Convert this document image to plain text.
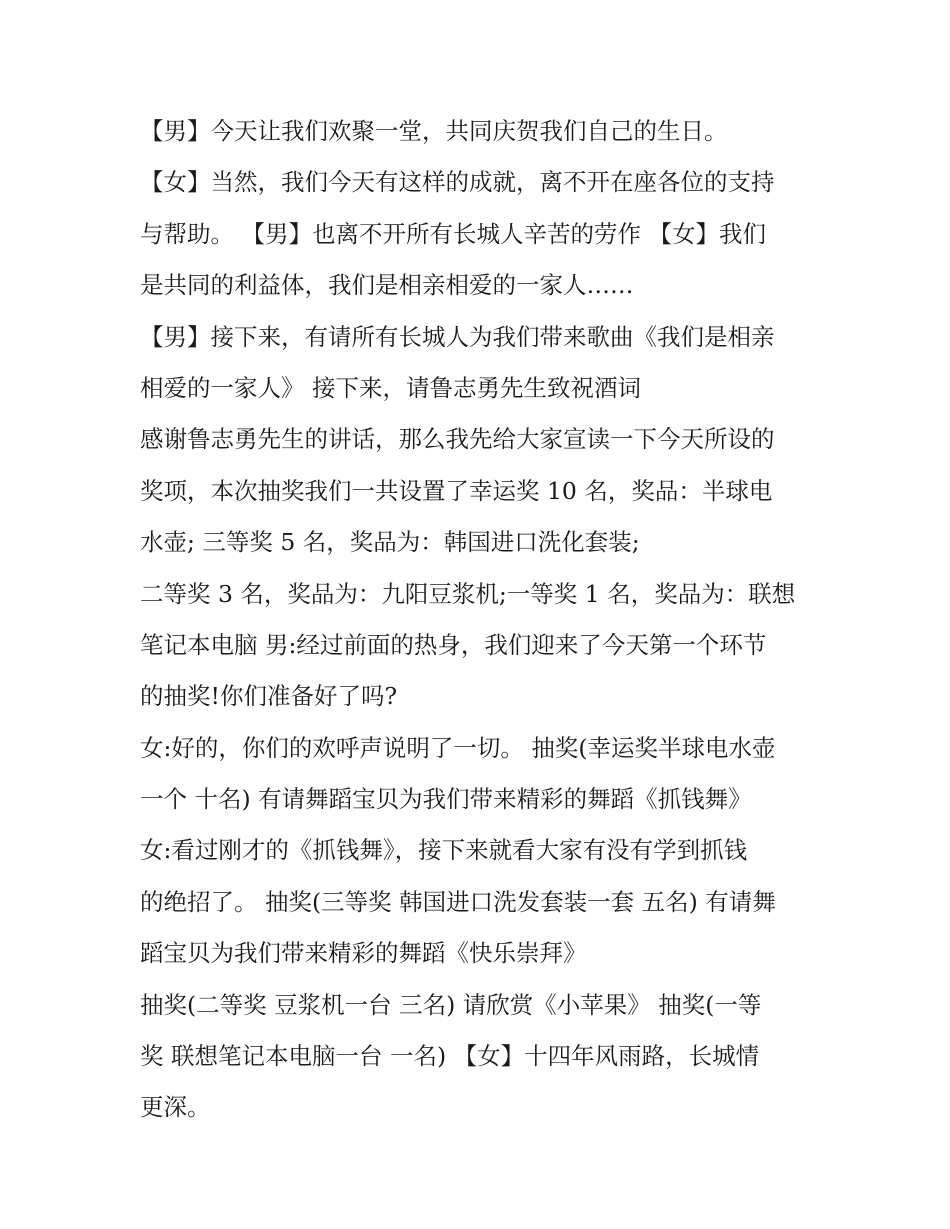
【男】今天让我们欢聚一堂，共同庆贺我们自己的生日。
【女】当然，我们今天有这样的成就，离不开在座各位的支持
与帮助。 【男】也离不开所有长城人辛苦的劳作 【女】我们
是共同的利益体，我们是相亲相爱的一家人……
【男】接下来，有请所有长城人为我们带来歌曲《我们是相亲
相爱的一家人》 接下来，请鲁志勇先生致祝酒词
感谢鲁志勇先生的讲话，那么我先给大家宣读一下今天所设的
奖项，本次抽奖我们一共设置了幸运奖 10 名，奖品：半球电
水壶; 三等奖 5 名，奖品为：韩国进口洗化套装;
二等奖 3 名，奖品为：九阳豆浆机;一等奖 1 名，奖品为：联想
笔记本电脑 男:经过前面的热身，我们迎来了今天第一个环节
的抽奖!你们准备好了吗?
女:好的，你们的欢呼声说明了一切。 抽奖(幸运奖半球电水壶
一个 十名) 有请舞蹈宝贝为我们带来精彩的舞蹈《抓钱舞》
女:看过刚才的《抓钱舞》，接下来就看大家有没有学到抓钱
的绝招了。 抽奖(三等奖 韩国进口洗发套装一套 五名) 有请舞
蹈宝贝为我们带来精彩的舞蹈《快乐崇拜》
抽奖(二等奖 豆浆机一台 三名) 请欣赏《小苹果》 抽奖(一等
奖 联想笔记本电脑一台 一名) 【女】十四年风雨路，长城情
更深。
